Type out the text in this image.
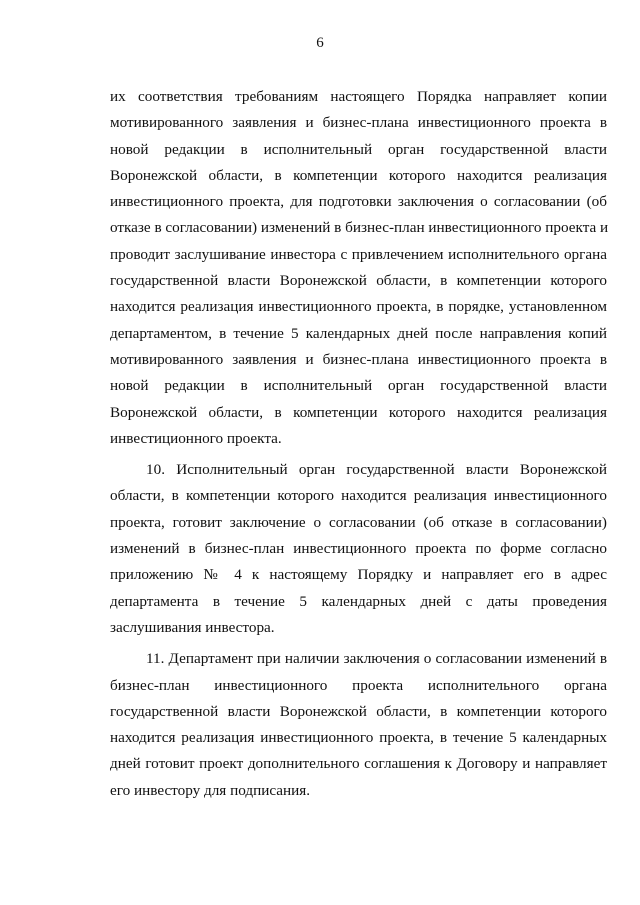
6
их соответствия требованиям настоящего Порядка направляет копии
мотивированного заявления и бизнес-плана инвестиционного проекта в
новой редакции в исполнительный орган государственной власти
Воронежской области, в компетенции которого находится реализация
инвестиционного проекта, для подготовки заключения о согласовании (об
отказе в согласовании) изменений в бизнес-план инвестиционного проекта и
проводит заслушивание инвестора с привлечением исполнительного органа
государственной власти Воронежской области, в компетенции которого
находится реализация инвестиционного проекта, в порядке, установленном
департаментом, в течение 5 календарных дней после направления копий
мотивированного заявления и бизнес-плана инвестиционного проекта в
новой редакции в исполнительный орган государственной власти
Воронежской области, в компетенции которого находится реализация
инвестиционного проекта.
10. Исполнительный орган государственной власти Воронежской
области, в компетенции которого находится реализация инвестиционного
проекта, готовит заключение о согласовании (об отказе в согласовании)
изменений в бизнес-план инвестиционного проекта по форме согласно
приложению № 4 к настоящему Порядку и направляет его в адрес
департамента в течение 5 календарных дней с даты проведения
заслушивания инвестора.
11. Департамент при наличии заключения о согласовании изменений в
бизнес-план инвестиционного проекта исполнительного органа
государственной власти Воронежской области, в компетенции которого
находится реализация инвестиционного проекта, в течение 5 календарных
дней готовит проект дополнительного соглашения к Договору и направляет
его инвестору для подписания.
